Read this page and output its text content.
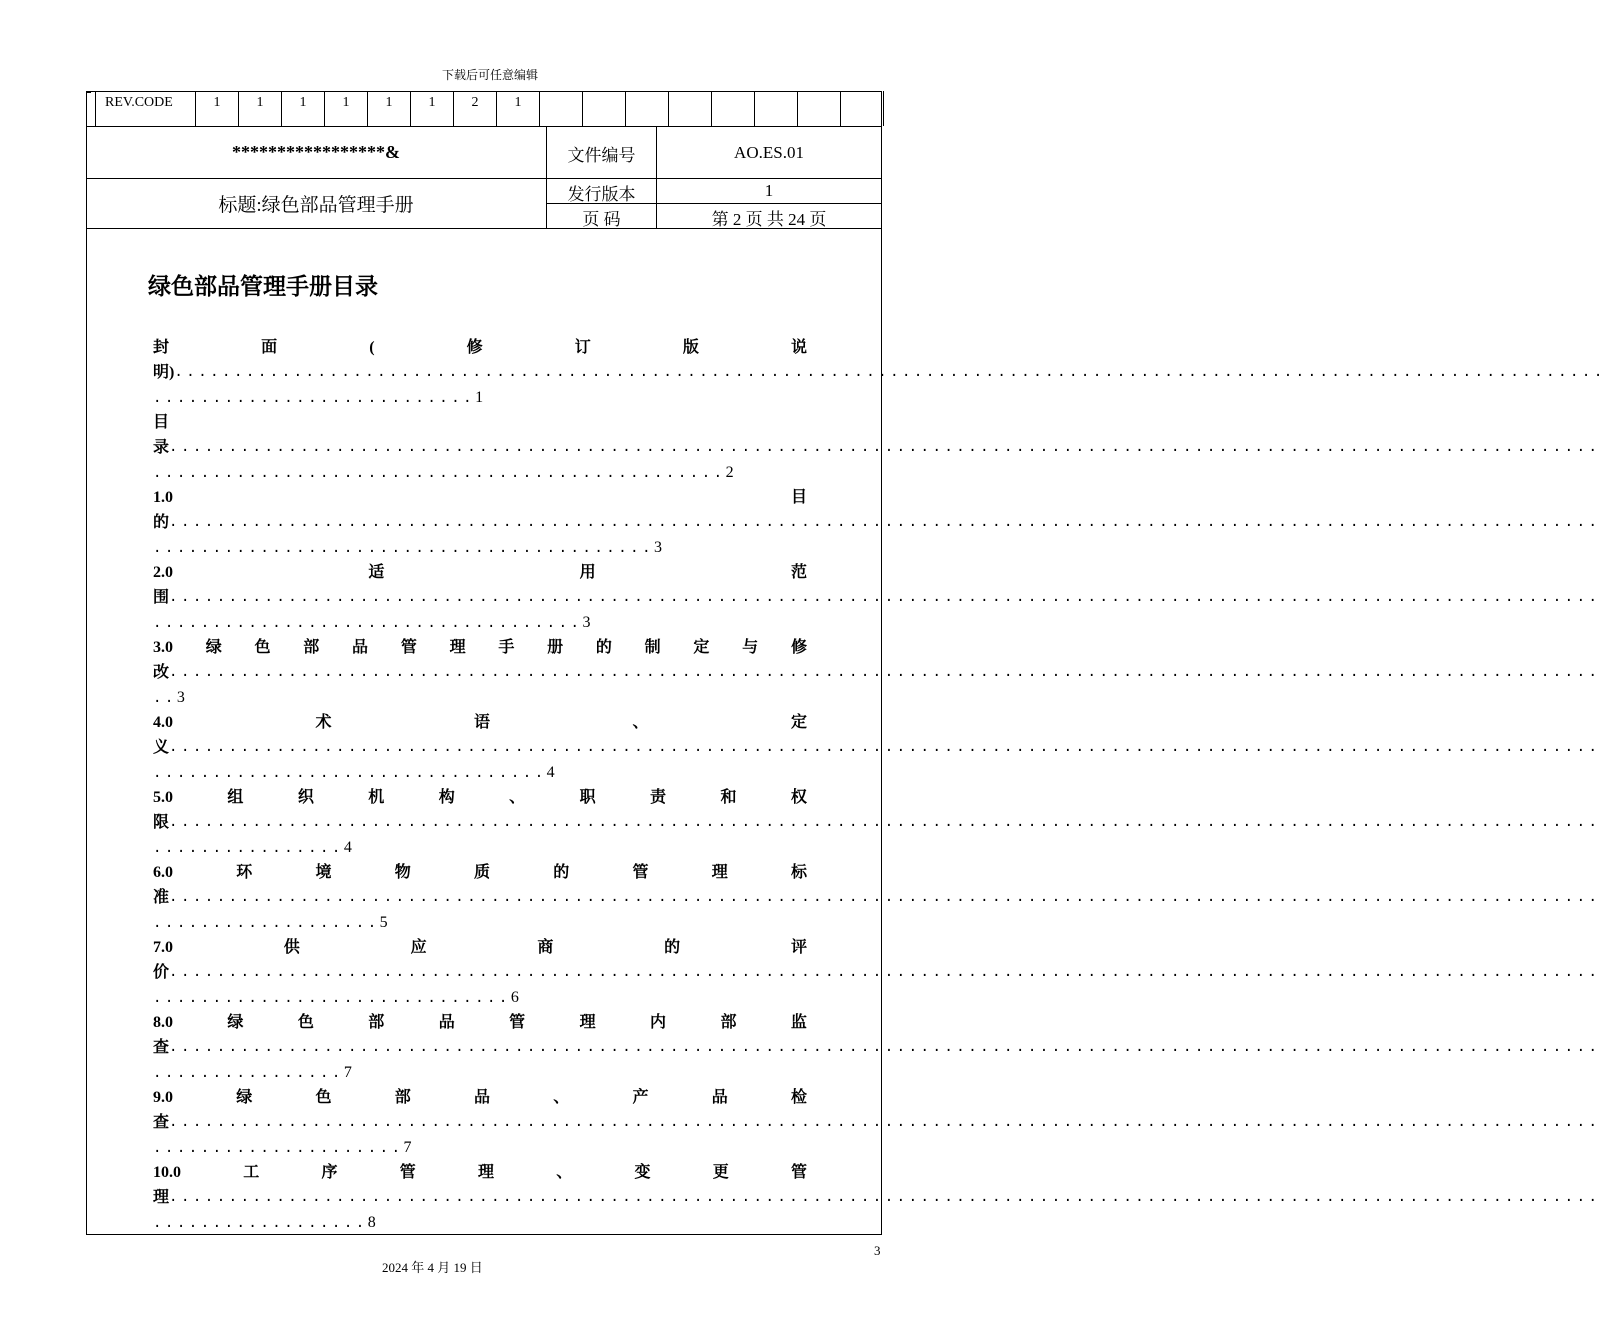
下载后可任意编辑
REV.CODE	1	1	1	1	1	1	2	1
*****************&
标题:绿色部品管理手册
文件编号	AO.ES.01
发行版本	1
页 码	第 2 页 共 24 页
绿色部品管理手册目录
封	面	(	修	订	版	说
明) ........................................................................................................................
...........................1
目
录 ........................................................................................................................
................................................2
1.0	目
的 ........................................................................................................................
..........................................3
2.0	适	用	范
围 ........................................................................................................................
....................................3
3.0 绿 色 部 品 管 理 手 册 的 制 定 与 修
改 ........................................................................................................................
..3
4.0	术	语	、	定
义 ........................................................................................................................
.................................4
5.0	组	织	机	构	、	职	责	和	权
限 ........................................................................................................................
................4
6.0	环	境	物	质	的	管	理	标
准 ........................................................................................................................
...................5
7.0	供	应	商	的	评
价 ........................................................................................................................
..............................6
8.0	绿	色	部	品	管	理	内	部	监
查 ........................................................................................................................
................7
9.0	绿	色	部	品	、	产	品	检
查 ........................................................................................................................
.....................7
10.0	工	序	管	理	、	变	更	管
理 ........................................................................................................................
..................8
3
2024 年 4 月 19 日
